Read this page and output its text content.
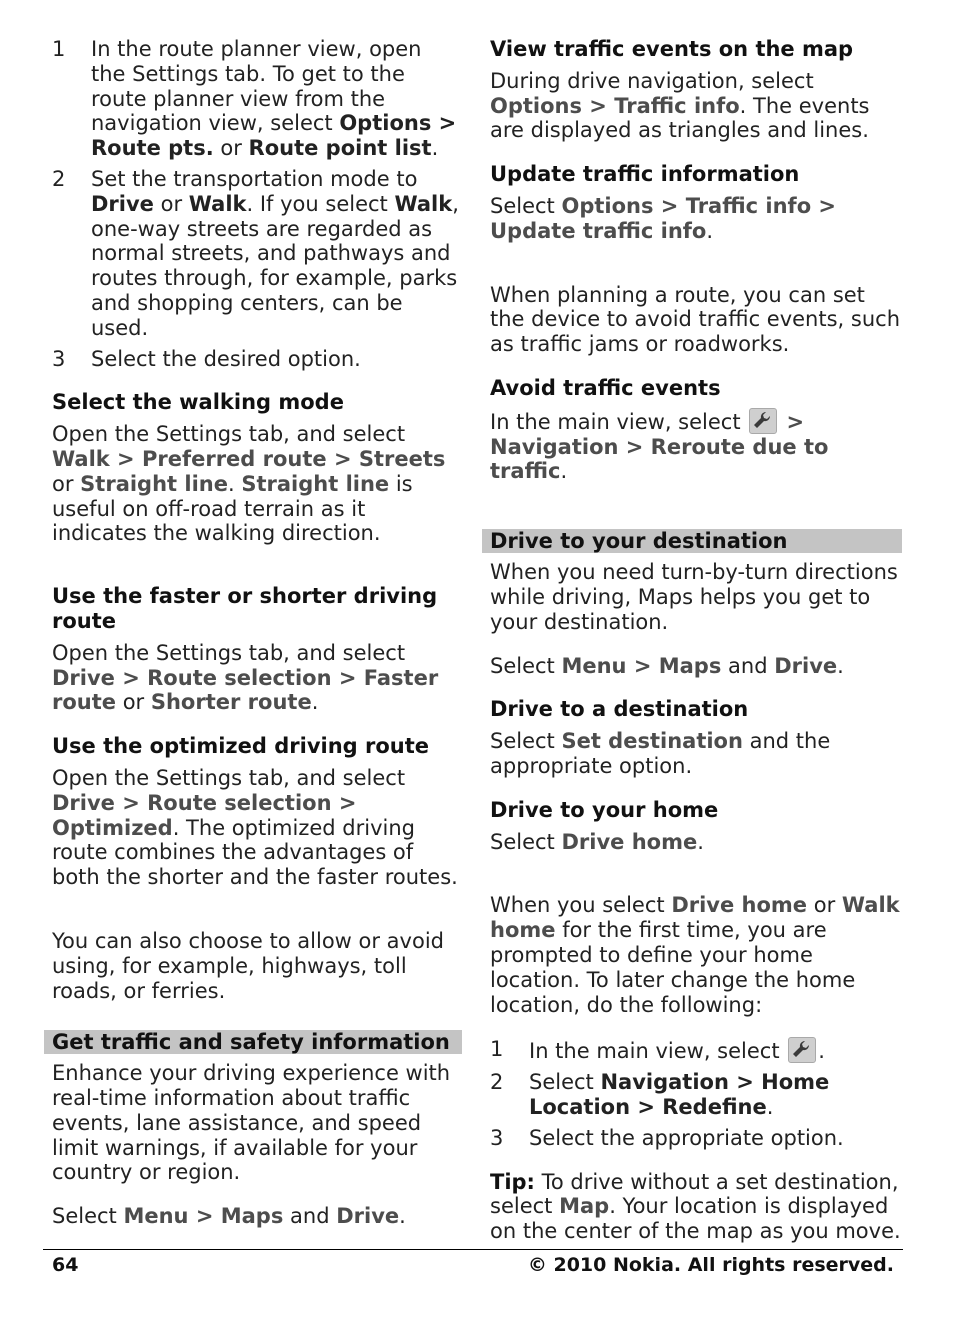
1	In the route planner view, open the Settings tab. To get to the route planner view from the navigation view, select Options > Route pts. or Route point list.
2	Set the transportation mode to Drive or Walk. If you select Walk, one-way streets are regarded as normal streets, and pathways and routes through, for example, parks and shopping centers, can be used.
3	Select the desired option.

Select the walking mode

Open the Settings tab, and select Walk > Preferred route > Streets or Straight line. Straight line is useful on off-road terrain as it indicates the walking direction.

Use the faster or shorter driving route

Open the Settings tab, and select Drive > Route selection > Faster route or Shorter route.

Use the optimized driving route

Open the Settings tab, and select Drive > Route selection > Optimized. The optimized driving route combines the advantages of both the shorter and the faster routes.

You can also choose to allow or avoid using, for example, highways, toll roads, or ferries.

Get traffic and safety information

Enhance your driving experience with real-time information about traffic events, lane assistance, and speed limit warnings, if available for your country or region.

Select Menu > Maps and Drive.

View traffic events on the map

During drive navigation, select Options > Traffic info. The events are displayed as triangles and lines.

Update traffic information

Select Options > Traffic info > Update traffic info.

When planning a route, you can set the device to avoid traffic events, such as traffic jams or roadworks.

Avoid traffic events

In the main view, select
> Navigation > Reroute due to traffic.

Drive to your destination

When you need turn-by-turn directions while driving, Maps helps you get to your destination.

Select Menu > Maps and Drive.

Drive to a destination

Select Set destination and the appropriate option.

Drive to your home

Select Drive home.

When you select Drive home or Walk home for the first time, you are prompted to define your home location. To later change the home location, do the following:

1	In the main view, select
.
2	Select Navigation > Home Location > Redefine.
3	Select the appropriate option.

Tip: To drive without a set destination, select Map. Your location is displayed on the center of the map as you move.

64	© 2010 Nokia. All rights reserved.
